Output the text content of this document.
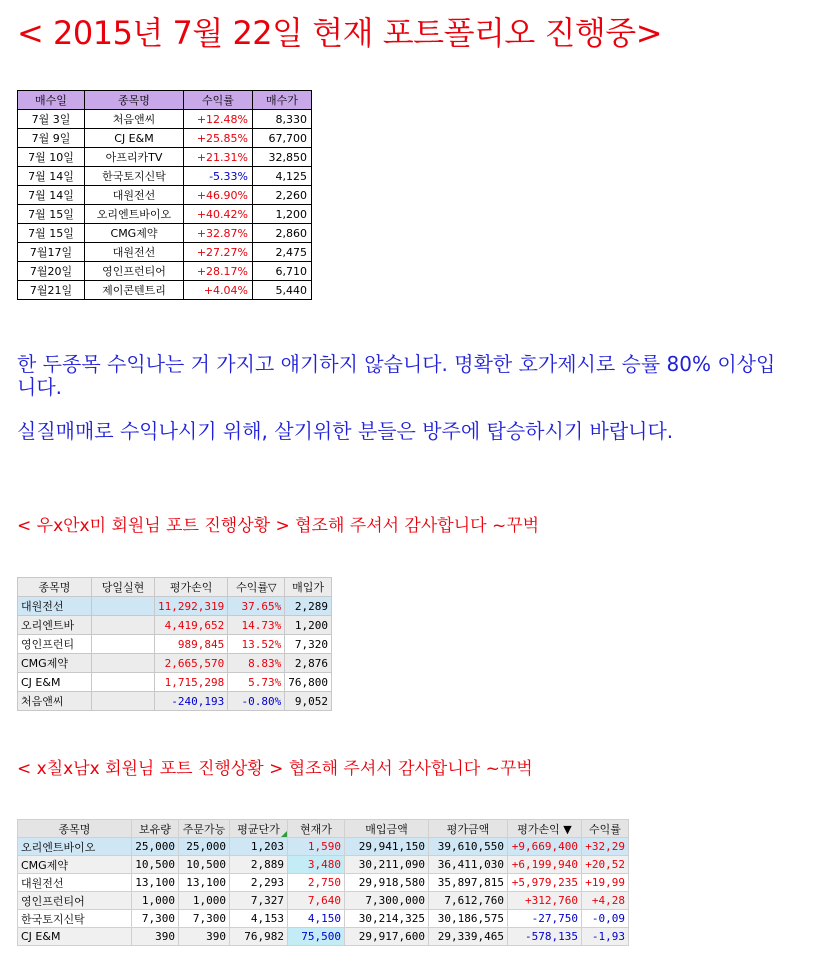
< 2015년 7월 22일 현재 포트폴리오 진행중>
매수일	종목명	수익률	매수가
7월 3일	처음앤씨	+12.48%	8,330
7월 9일	CJ E&M	+25.85%	67,700
7월 10일	아프리카TV	+21.31%	32,850
7월 14일	한국토지신탁	-5.33%	4,125
7월 14일	대원전선	+46.90%	2,260
7월 15일	오리엔트바이오	+40.42%	1,200
7월 15일	CMG제약	+32.87%	2,860
7월17일	대원전선	+27.27%	2,475
7월20일	영인프런티어	+28.17%	6,710
7월21일	제이콘텐트리	+4.04%	5,440
한 두종목 수익나는 거 가지고 얘기하지 않습니다. 명확한 호가제시로 승률 80% 이상입니다.
실질매매로 수익나시기 위해, 살기위한 분들은 방주에 탑승하시기 바랍니다.
< 우x안x미 회원님 포트 진행상황 > 협조해 주셔서 감사합니다 ~꾸벅
종목명	당일실현	평가손익	수익률▽	매입가
대원전선		11,292,319	37.65%	2,289
오리엔트바		4,419,652	14.73%	1,200
영인프런티		989,845	13.52%	7,320
CMG제약		2,665,570	8.83%	2,876
CJ E&M		1,715,298	5.73%	76,800
처음앤씨		-240,193	-0.80%	9,052
< x칠x남x 회원님 포트 진행상황 > 협조해 주셔서 감사합니다 ~꾸벅
종목명	보유량	주문가능	평균단가	현재가	매입금액	평가금액	평가손익 ▼	수익률
오리엔트바이오	25,000	25,000	1,203	1,590	29,941,150	39,610,550	+9,669,400	+32,29
CMG제약	10,500	10,500	2,889	3,480	30,211,090	36,411,030	+6,199,940	+20,52
대원전선	13,100	13,100	2,293	2,750	29,918,580	35,897,815	+5,979,235	+19,99
영인프런티어	1,000	1,000	7,327	7,640	7,300,000	7,612,760	+312,760	+4,28
한국토지신탁	7,300	7,300	4,153	4,150	30,214,325	30,186,575	-27,750	-0,09
CJ E&M	390	390	76,982	75,500	29,917,600	29,339,465	-578,135	-1,93
